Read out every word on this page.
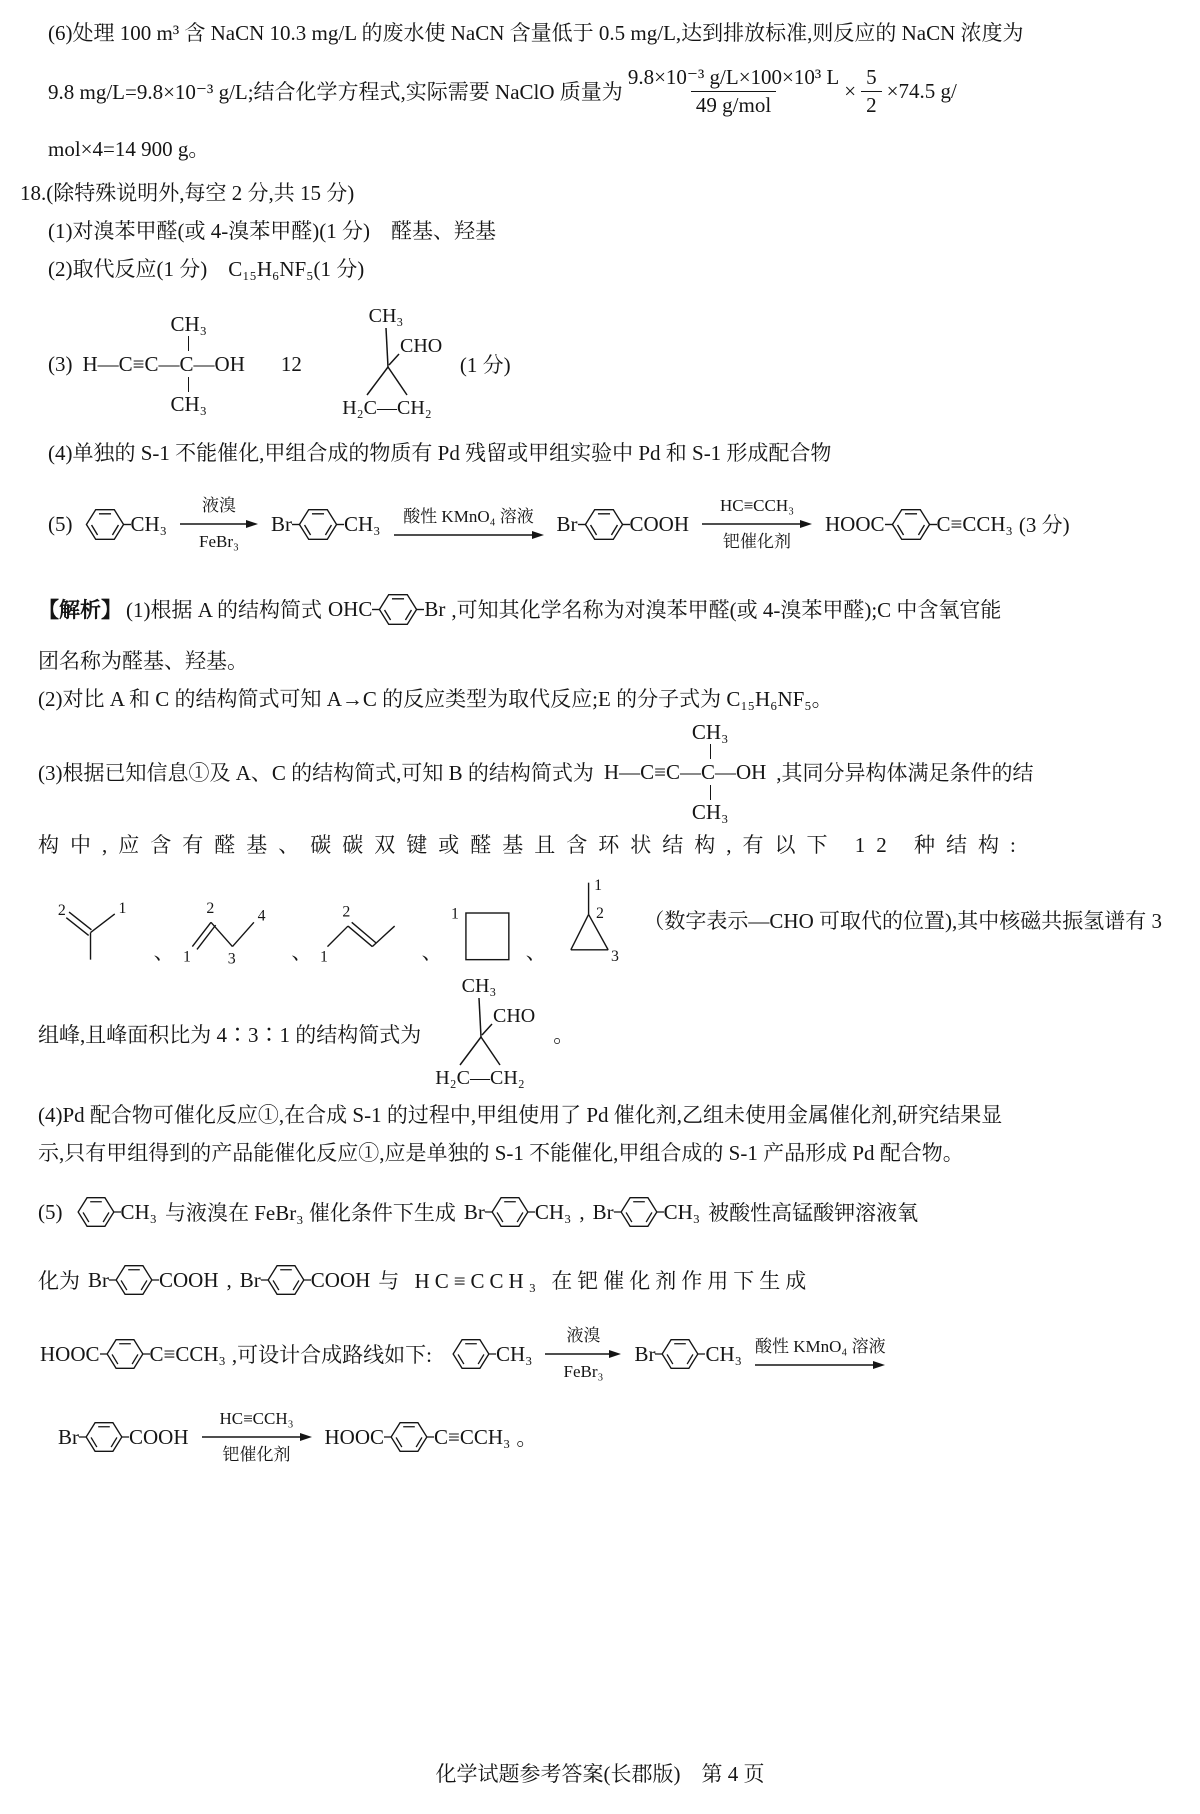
(6)处理 100 m³ 含 NaCN 10.3 mg/L 的废水使 NaCN 含量低于 0.5 mg/L,达到排放标准,则反应的 NaCN 浓度为
9.8 mg/L=9.8×10⁻³ g/L;结合化学方程式,实际需要 NaClO 质量为 $\frac{\text{9.8×10⁻³ g/L×100×10³ L}}{\text{49 g/mol}} \times \frac{5}{2} \times 74.5$ g/
mol×4=14 900 g。
18.(除特殊说明外,每空 2 分,共 15 分)
(1)对溴苯甲醛(或 4-溴苯甲醛)(1 分)　醛基、羟基
(2)取代反应(1 分)　C₁₅H₆NF₅(1 分)
(3)
CH₃
H—C≡C—C—OH
CH₃
12
CH₃
CHO
H₂C—CH₂
(1 分)
(4)单独的 S-1 不能催化,甲组合成的物质有 Pd 残留或甲组实验中 Pd 和 S-1 形成配合物
(5)	CH₃
液溴
FeBr₃
Br CH₃ 酸性 KMnO₄ 溶液 Br COOH
HC≡CCH₃
钯催化剂
HOOC C≡CCH₃ (3 分)
【解析】 (1)根据 A 的结构简式 OHC Br ,可知其化学名称为对溴苯甲醛(或 4-溴苯甲醛);C 中含氧官能
团名称为醛基、羟基。
(2)对比 A 和 C 的结构简式可知 A→C 的反应类型为取代反应;E 的分子式为 C₁₅H₆NF₅。
(3)根据已知信息①及 A、C 的结构简式,可知 B 的结构简式为
CH₃
H—C≡C—C—OH
CH₃
,其同分异构体满足条件的结
构中,应含有醛基、碳碳双键或醛基且含环状结构,有以下 12 种结构:
2	1
、 1
2
3
4
、 1
2
、
1
、
1
2
3
（数字表示—CHO 可取代的位置),其中核磁共振氢谱有 3
组峰,且峰面积比为 4∶3∶1 的结构简式为
CH₃
CHO
H₂C—CH₂
。
(4)Pd 配合物可催化反应①,在合成 S-1 的过程中,甲组使用了 Pd 催化剂,乙组未使用金属催化剂,研究结果显
示,只有甲组得到的产品能催化反应①,应是单独的 S-1 不能催化,甲组合成的 S-1 产品形成 Pd 配合物。
(5)	CH₃ 与液溴在 FeBr₃ 催化条件下生成 Br CH₃ , Br CH₃ 被酸性高锰酸钾溶液氧
化为 Br COOH , Br COOH 与 HC≡CCH₃ 在钯催化剂作用下生成
HOOC C≡CCH₃ ,可设计合成路线如下:	CH₃
液溴
FeBr₃
Br CH₃ 酸性 KMnO₄ 溶液
Br COOH
HC≡CCH₃
钯催化剂
HOOC C≡CCH₃ 。
化学试题参考答案(长郡版)　第 4 页
